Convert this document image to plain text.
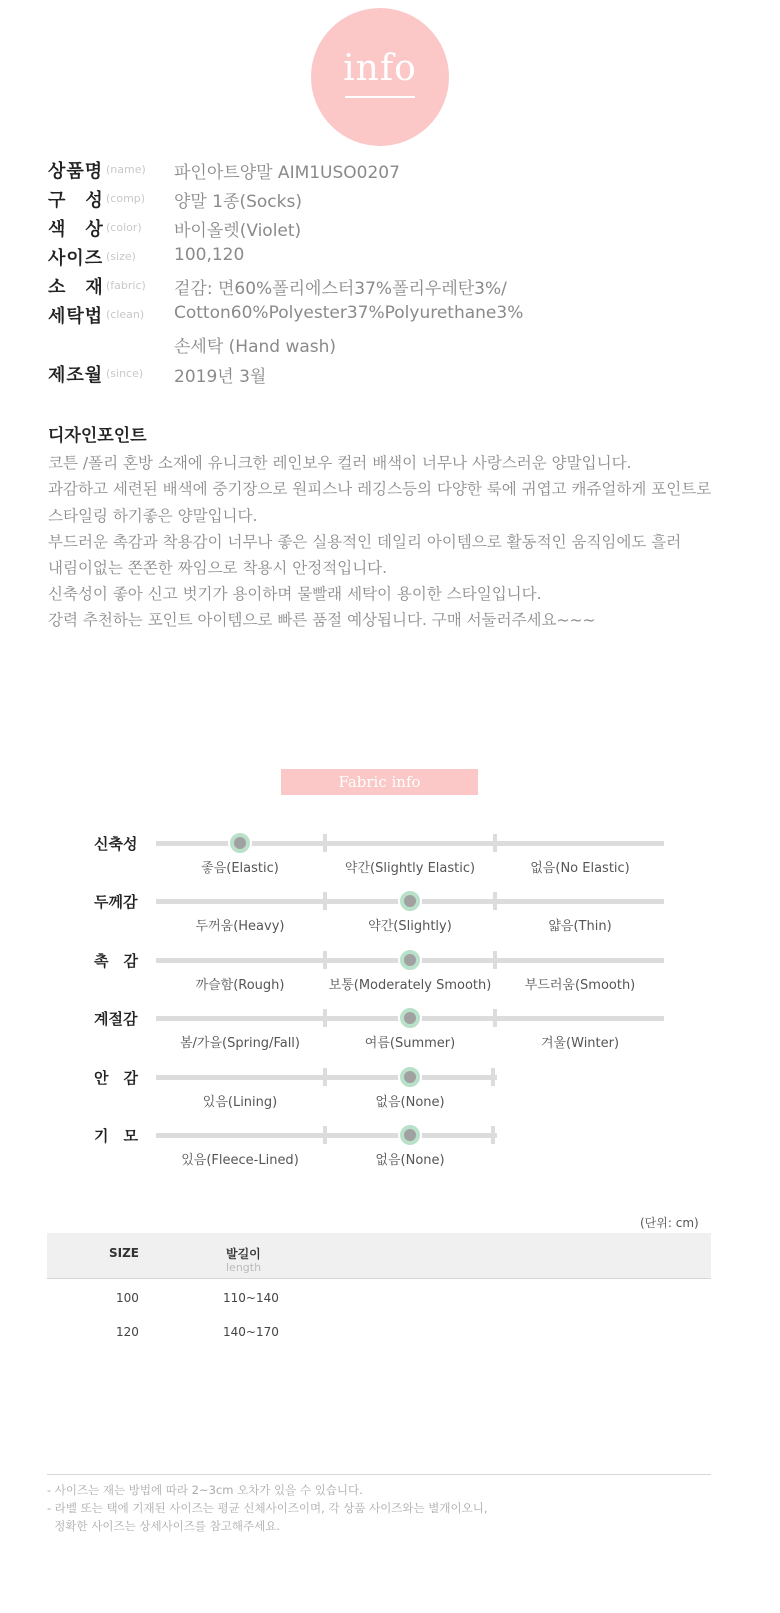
info
상품명 (name) 파인아트양말 AIM1USO0207
구　성 (comp) 양말 1종(Socks)
색　상 (color) 바이올렛(Violet)
사이즈 (size) 100,120
소　재 (fabric) 겉감: 면60%폴리에스터37%폴리우레탄3%/
세탁법 (clean) Cotton60%Polyester37%Polyurethane3%
손세탁 (Hand wash)
제조월 (since) 2019년 3월
디자인포인트
코튼 /폴리 혼방 소재에 유니크한 레인보우 컬러 배색이 너무나 사랑스러운 양말입니다.
과감하고 세련된 배색에 중기장으로 원피스나 레깅스등의 다양한 룩에 귀엽고 캐쥬얼하게 포인트로
스타일링 하기좋은 양말입니다.
부드러운 촉감과 착용감이 너무나 좋은 실용적인 데일리 아이템으로 활동적인 움직임에도 흘러
내림이없는 쫀쫀한 짜임으로 착용시 안정적입니다.
신축성이 좋아 신고 벗기가 용이하며 물빨래 세탁이 용이한 스타일입니다.
강력 추천하는 포인트 아이템으로 빠른 품절 예상됩니다. 구매 서둘러주세요~~~
Fabric info
신축성
좋음(Elastic)	약간(Slightly Elastic)	없음(No Elastic)
두께감
두꺼움(Heavy)	약간(Slightly)	얇음(Thin)
촉　감
까슬함(Rough)	보통(Moderately Smooth)	부드러움(Smooth)
계절감
봄/가을(Spring/Fall)	여름(Summer)	겨울(Winter)
안　감
있음(Lining)	없음(None)
기　모
있음(Fleece-Lined)	없음(None)
(단위: cm)
SIZE	발길이
length
100	110~140
120	140~170
- 사이즈는 재는 방법에 따라 2~3cm 오차가 있을 수 있습니다.
- 라벨 또는 택에 기재된 사이즈는 평균 신체사이즈이며, 각 상품 사이즈와는 별개이오니,
정확한 사이즈는 상세사이즈를 참고해주세요.
